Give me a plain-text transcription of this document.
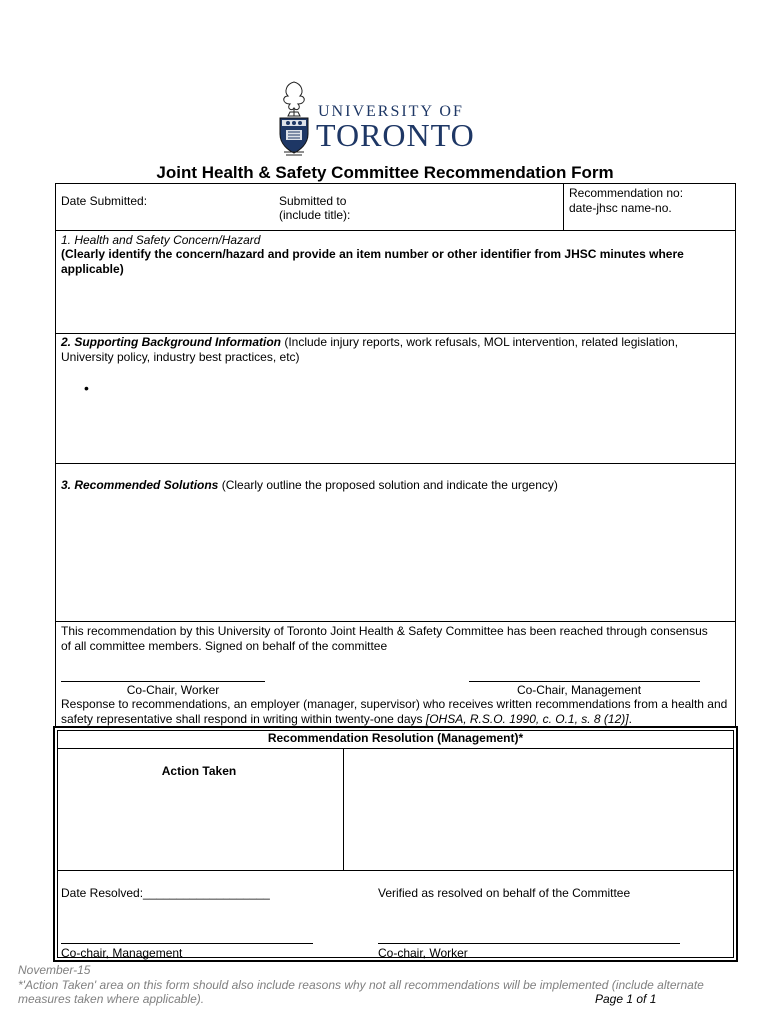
UNIVERSITY OF
TORONTO
Joint Health & Safety Committee Recommendation Form
Date Submitted:	Submitted to
(include title):
Recommendation no:
date-jhsc name-no.
1. Health and Safety Concern/Hazard
(Clearly identify the concern/hazard and provide an item number or other identifier from JHSC minutes where applicable)
2. Supporting Background Information (Include injury reports, work refusals, MOL intervention, related legislation, University policy, industry best practices, etc)
•
3. Recommended Solutions (Clearly outline the proposed solution and indicate the urgency)
This recommendation by this University of Toronto Joint Health & Safety Committee has been reached through consensus of all committee members. Signed on behalf of the committee
Co-Chair, Worker	Co-Chair, Management
Response to recommendations, an employer (manager, supervisor) who receives written recommendations from a health and safety representative shall respond in writing within twenty-one days [OHSA, R.S.O. 1990, c. O.1, s. 8 (12)].
Recommendation Resolution (Management)*
Action Taken
Date Resolved:___________________	Verified as resolved on behalf of the Committee
Co-chair, Management	Co-chair, Worker
November-15
*'Action Taken' area on this form should also include reasons why not all recommendations will be implemented (include alternate
measures taken where applicable).	Page 1 of 1
